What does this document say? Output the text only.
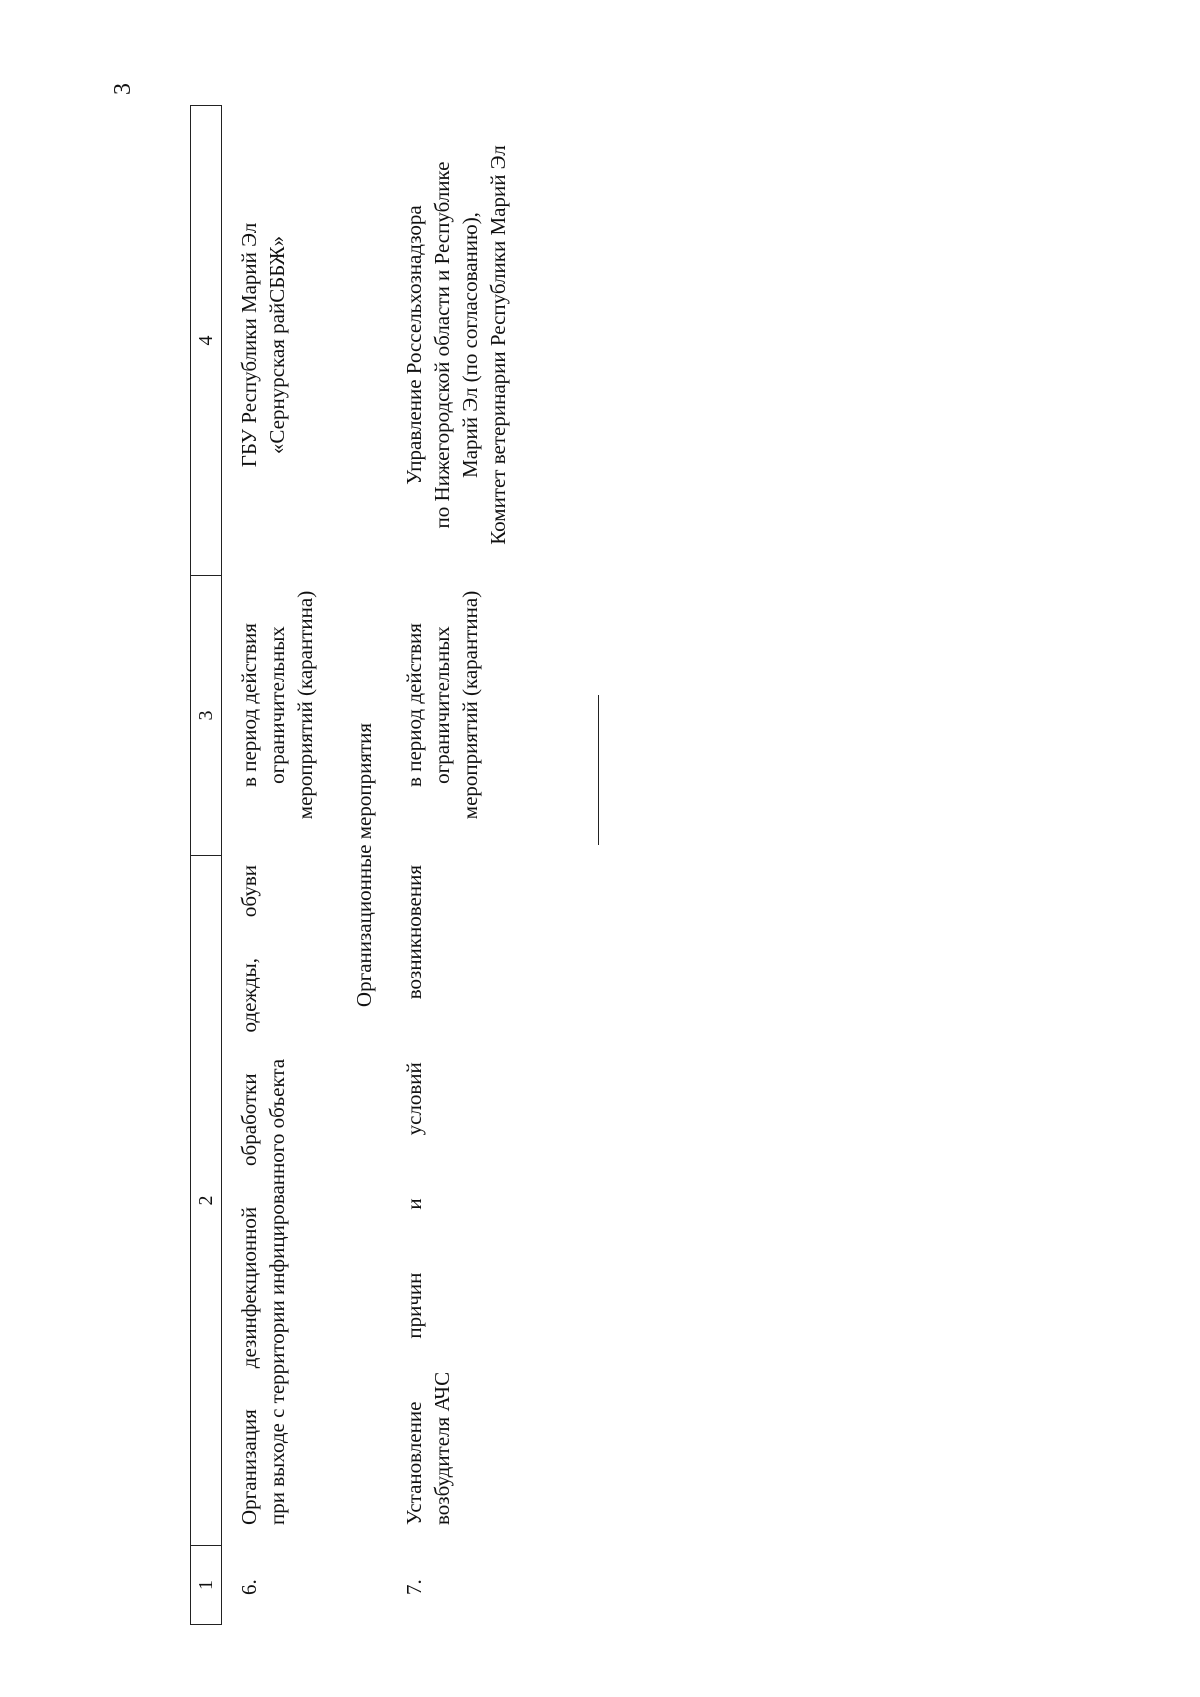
3
1
2
3
4
6.
Организация
дезинфекционной
обработки
одежды,
обуви
при выходе с территории инфицированного объекта
в период действия ограничительных мероприятий (карантина)
ГБУ Республики Марий Эл «Сернурская райСББЖ»
Организационные мероприятия
7.
Установление
причин
и
условий
возникновения
возбудителя АЧС
в период действия ограничительных мероприятий (карантина)
Управление Россельхознадзора по Нижегородской области и Республике Марий Эл (по согласованию), Комитет ветеринарии Республики Марий Эл
